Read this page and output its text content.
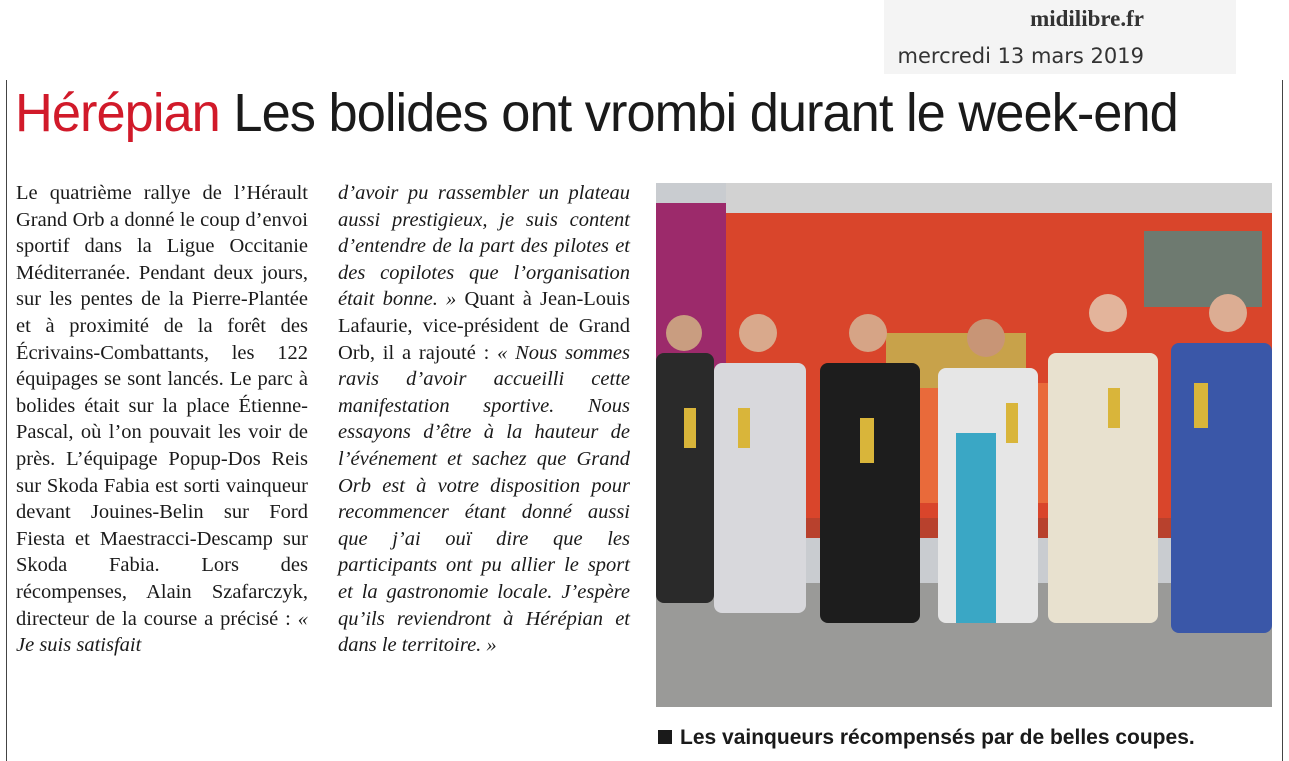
midilibre.fr
mercredi 13 mars 2019
Hérépian Les bolides ont vrombi durant le week-end

Le quatrième rallye de l’Hérault Grand Orb a donné le coup d’envoi sportif dans la Ligue Occitanie Méditerranée. Pendant deux jours, sur les pentes de la Pierre-Plantée et à proximité de la forêt des Écrivains-Combattants, les 122 équipages se sont lancés. Le parc à bolides était sur la place Étienne-Pascal, où l’on pouvait les voir de près. L’équipage Popup-Dos Reis sur Skoda Fabia est sorti vainqueur devant Jouines-Belin sur Ford Fiesta et Maestracci-Descamp sur Skoda Fabia. Lors des récompenses, Alain Szafarczyk, directeur de la course a précisé : « Je suis satisfait

d’avoir pu rassembler un plateau aussi prestigieux, je suis content d’entendre de la part des pilotes et des copilotes que l’organisation était bonne. » Quant à Jean-Louis Lafaurie, vice-président de Grand Orb, il a rajouté : « Nous sommes ravis d’avoir accueilli cette manifestation sportive. Nous essayons d’être à la hauteur de l’événement et sachez que Grand Orb est à votre disposition pour recommencer étant donné aussi que j’ai ouï dire que les participants ont pu allier le sport et la gastronomie locale. J’espère qu’ils reviendront à Hérépian et dans le territoire. »

Les vainqueurs récompensés par de belles coupes.
